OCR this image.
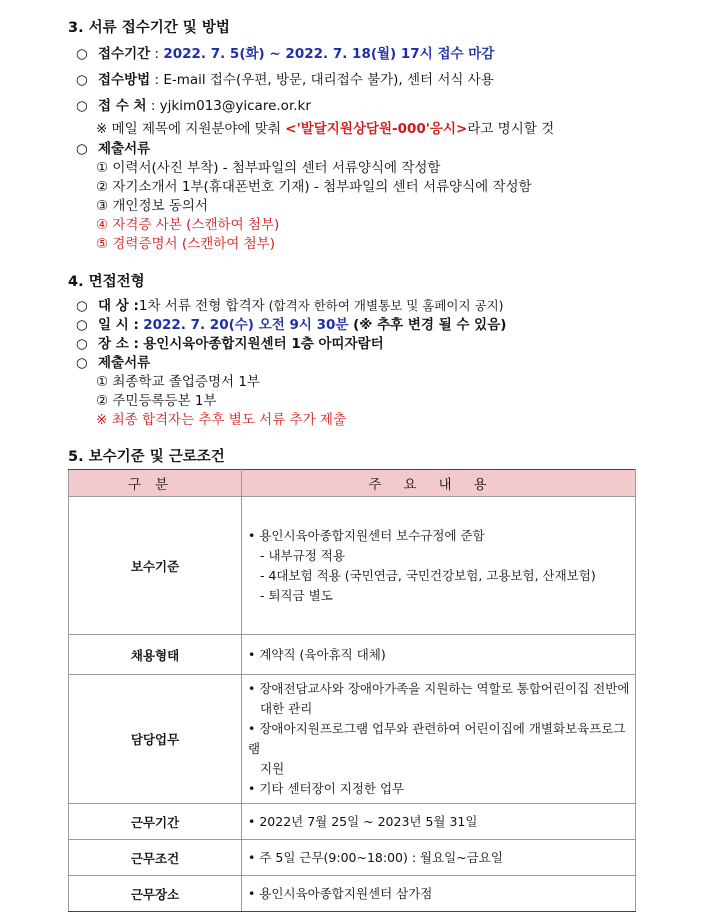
3. 서류 접수기간 및 방법
○ 접수기간 : 2022. 7. 5(화) ~ 2022. 7. 18(월) 17시 접수 마감
○ 접수방법 : E-mail 접수(우편, 방문, 대리접수 불가), 센터 서식 사용
○ 접 수 처 : yjkim013@yicare.or.kr
※ 메일 제목에 지원분야에 맞춰 <'발달지원상담원-000'응시>라고 명시할 것
○ 제출서류
① 이력서(사진 부착) - 첨부파일의 센터 서류양식에 작성함
② 자기소개서 1부(휴대폰번호 기재) - 첨부파일의 센터 서류양식에 작성함
③ 개인정보 동의서
④ 자격증 사본 (스캔하여 첨부)
⑤ 경력증명서 (스캔하여 첨부)
4. 면접전형
○ 대 상 :1차 서류 전형 합격자 (합격자 한하여 개별통보 및 홈페이지 공지)
○ 일 시 : 2022. 7. 20(수) 오전 9시 30분 (※ 추후 변경 될 수 있음)
○ 장 소 : 용인시육아종합지원센터 1층 아띠자람터
○ 제출서류
① 최종학교 졸업증명서 1부
② 주민등록등본 1부
※ 최종 합격자는 추후 별도 서류 추가 제출
5. 보수기준 및 근로조건
구분	주요내용
보수기준	• 용인시육아종합지원센터 보수규정에 준함
- 내부규정 적용
- 4대보험 적용 (국민연금, 국민건강보험, 고용보험, 산재보험)
- 퇴직금 별도

채용형태	• 계약직 (육아휴직 대체)

담당업무	• 장애전담교사와 장애아가족을 지원하는 역할로 통합어린이집 전반에
대한 관리
• 장애아지원프로그램 업무와 관련하여 어린이집에 개별화보육프로그램
지원
• 기타 센터장이 지정한 업무

근무기간	• 2022년 7월 25일 ~ 2023년 5월 31일

근무조건	• 주 5일 근무(9:00~18:00) : 월요일~금요일

근무장소	• 용인시육아종합지원센터 삼가점
